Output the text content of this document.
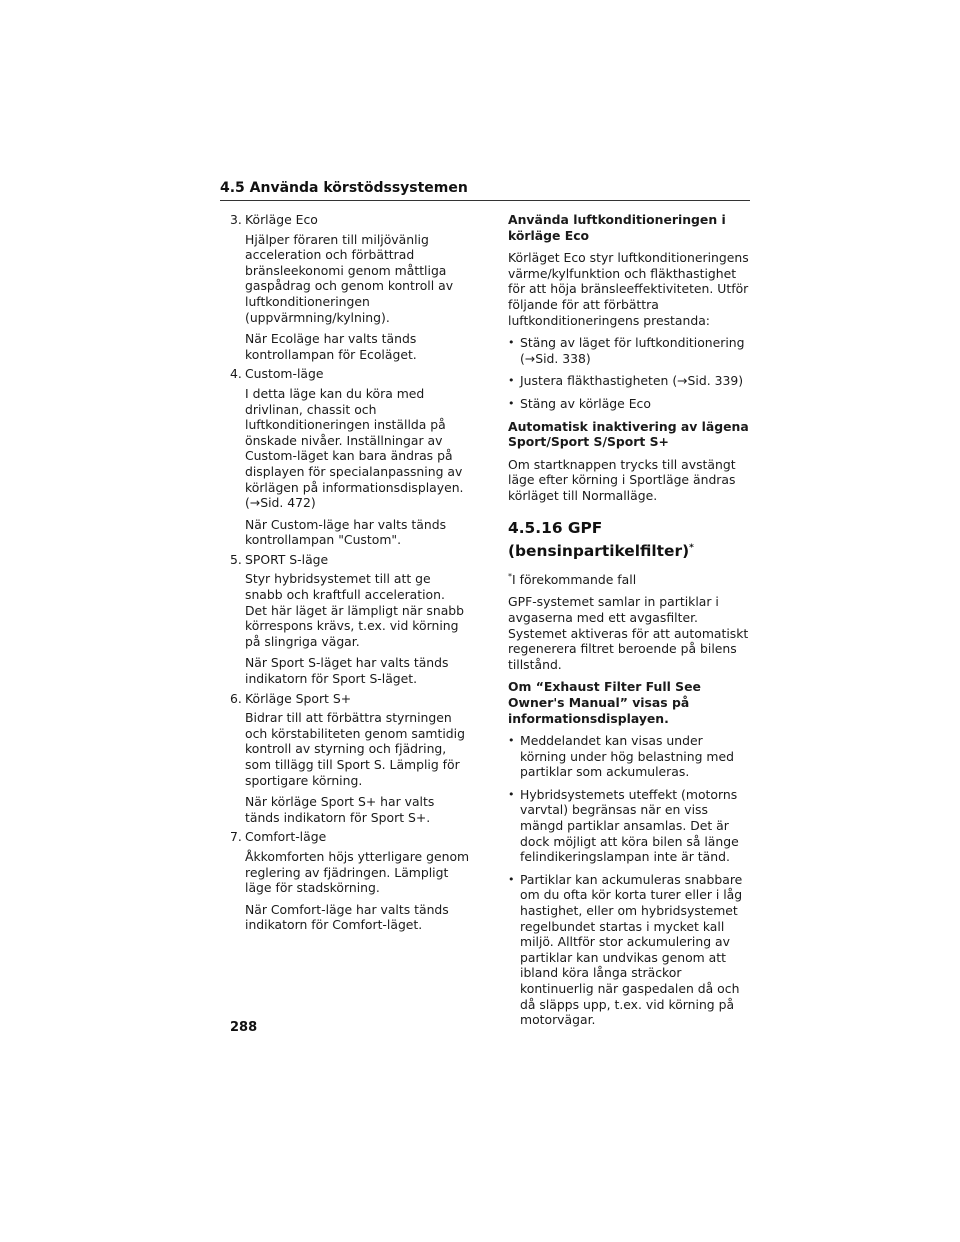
4.5 Använda körstödssystemen
3. Körläge Eco
Hjälper föraren till miljövänlig acceleration och förbättrad bränsleekonomi genom måttliga gaspådrag och genom kontroll av luftkonditioneringen (uppvärmning/kylning).
När Ecoläge har valts tänds kontrollampan för Ecoläget.
4. Custom-läge
I detta läge kan du köra med drivlinan, chassit och luftkonditioneringen inställda på önskade nivåer. Inställningar av Custom-läget kan bara ändras på displayen för specialanpassning av körlägen på informationsdisplayen. (→Sid. 472)
När Custom-läge har valts tänds kontrollampan "Custom".
5. SPORT S-läge
Styr hybridsystemet till att ge snabb och kraftfull acceleration. Det här läget är lämpligt när snabb körrespons krävs, t.ex. vid körning på slingriga vägar.
När Sport S-läget har valts tänds indikatorn för Sport S-läget.
6. Körläge Sport S+
Bidrar till att förbättra styrningen och körstabiliteten genom samtidig kontroll av styrning och fjädring, som tillägg till Sport S. Lämplig för sportigare körning.
När körläge Sport S+ har valts tänds indikatorn för Sport S+.
7. Comfort-läge
Åkkomforten höjs ytterligare genom reglering av fjädringen. Lämpligt läge för stadskörning.
När Comfort-läge har valts tänds indikatorn för Comfort-läget.

Använda luftkonditioneringen i körläge Eco

Körläget Eco styr luftkonditioneringens värme/kylfunktion och fläkthastighet för att höja bränsleeffektiviteten. Utför följande för att förbättra luftkonditioneringens prestanda:

• Stäng av läget för luftkonditionering (→Sid. 338)
• Justera fläkthastigheten (→Sid. 339)
• Stäng av körläge Eco

Automatisk inaktivering av lägena Sport/Sport S/Sport S+

Om startknappen trycks till avstängt läge efter körning i Sportläge ändras körläget till Normalläge.

4.5.16 GPF (bensinpartikelfilter)*

*I förekommande fall

GPF-systemet samlar in partiklar i avgaserna med ett avgasfilter. Systemet aktiveras för att automatiskt regenerera filtret beroende på bilens tillstånd.

Om “Exhaust Filter Full See Owner's Manual” visas på informationsdisplayen.

• Meddelandet kan visas under körning under hög belastning med partiklar som ackumuleras.
• Hybridsystemets uteffekt (motorns varvtal) begränsas när en viss mängd partiklar ansamlas. Det är dock möjligt att köra bilen så länge felindikeringslampan inte är tänd.
• Partiklar kan ackumuleras snabbare om du ofta kör korta turer eller i låg hastighet, eller om hybridsystemet regelbundet startas i mycket kall miljö. Alltför stor ackumulering av partiklar kan undvikas genom att ibland köra långa sträckor kontinuerlig när gaspedalen då och då släpps upp, t.ex. vid körning på motorvägar.
288
